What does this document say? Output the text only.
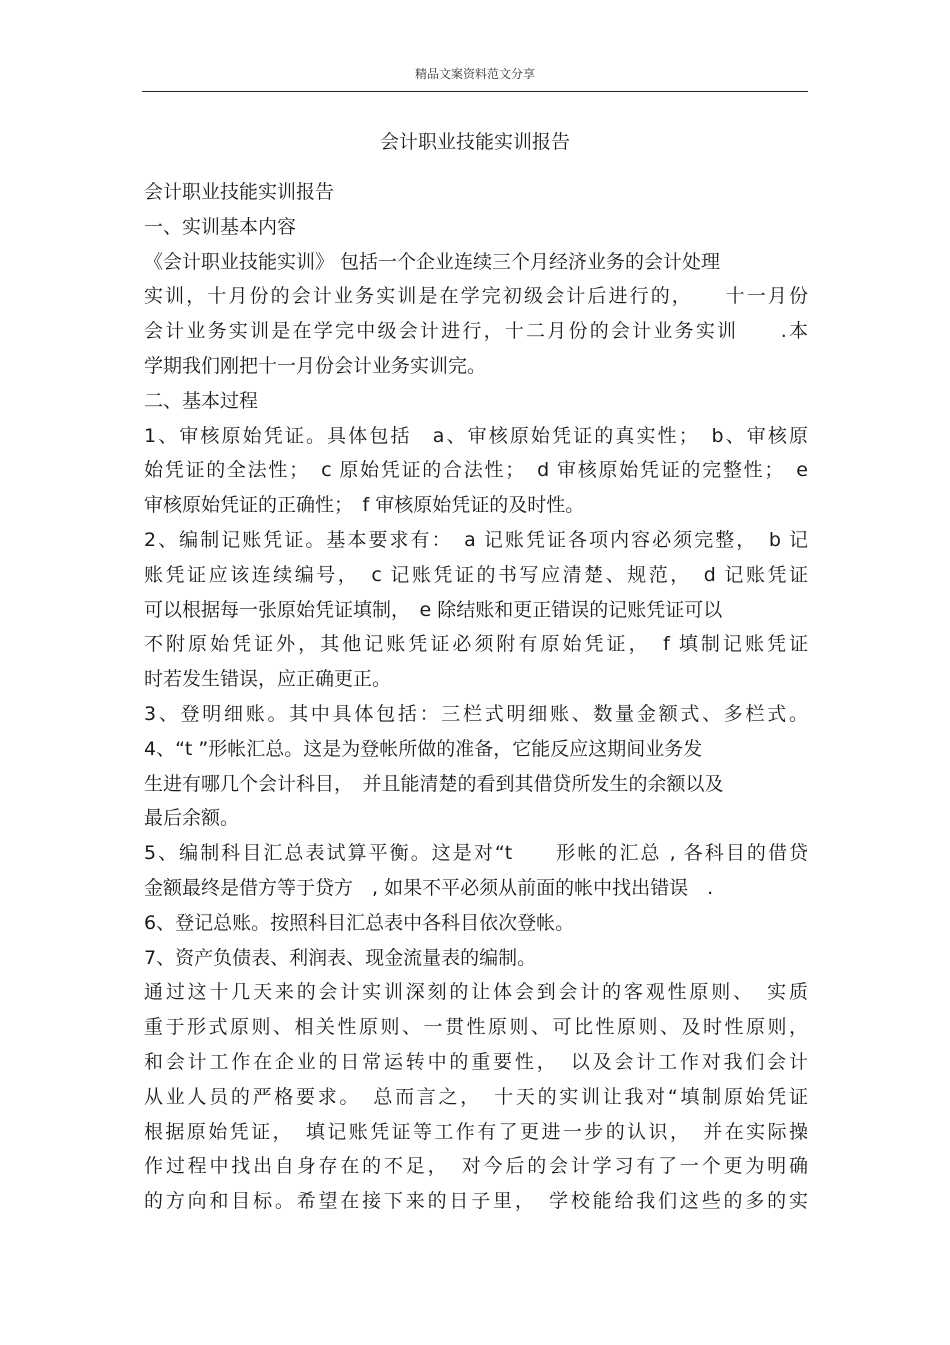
精品文案资料范文分享
会计职业技能实训报告
会计职业技能实训报告
一、实训基本内容
《会计职业技能实训》 包括一个企业连续三个月经济业务的会计处理
实训，十月份的会计业务实训是在学完初级会计后进行的，　　十一月份
会计业务实训是在学完中级会计进行，十二月份的会计业务实训　　.本
学期我们刚把十一月份会计业务实训完。
二、基本过程
1、审核原始凭证。具体包括　a、审核原始凭证的真实性；　b、审核原
始凭证的全法性；　c 原始凭证的合法性；　d 审核原始凭证的完整性；　e
审核原始凭证的正确性；　f 审核原始凭证的及时性。
2、编制记账凭证。基本要求有：　a 记账凭证各项内容必须完整，　b 记
账凭证应该连续编号，　c 记账凭证的书写应清楚、规范，　d 记账凭证
可以根据每一张原始凭证填制，　e 除结账和更正错误的记账凭证可以
不附原始凭证外，其他记账凭证必须附有原始凭证，　f 填制记账凭证
时若发生错误，应正确更正。
3、登明细账。其中具体包括：三栏式明细账、数量金额式、多栏式。
4、“t ”形帐汇总。这是为登帐所做的准备，它能反应这期间业务发
生进有哪几个会计科目，　并且能清楚的看到其借贷所发生的余额以及
最后余额。
5、编制科目汇总表试算平衡。这是对“t　　形帐的汇总 , 各科目的借贷
金额最终是借方等于贷方　, 如果不平必须从前面的帐中找出错误　.
6、登记总账。按照科目汇总表中各科目依次登帐。
7、资产负债表、利润表、现金流量表的编制。
通过这十几天来的会计实训深刻的让体会到会计的客观性原则、　实质
重于形式原则、相关性原则、一贯性原则、可比性原则、及时性原则，
和会计工作在企业的日常运转中的重要性，　以及会计工作对我们会计
从业人员的严格要求。　总而言之，　十天的实训让我对“填制原始凭证
根据原始凭证，　填记账凭证等工作有了更进一步的认识，　并在实际操
作过程中找出自身存在的不足，　对今后的会计学习有了一个更为明确
的方向和目标。希望在接下来的日子里，　学校能给我们这些的多的实
